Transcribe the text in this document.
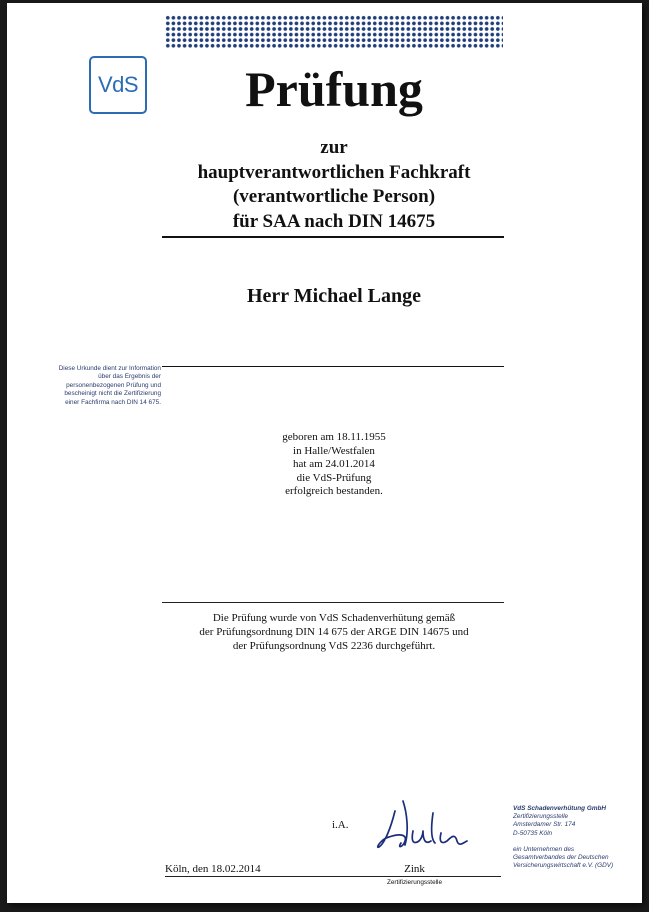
VdS	Prüfung
zur
hauptverantwortlichen Fachkraft
(verantwortliche Person)
für SAA nach DIN 14675
Herr Michael Lange
Diese Urkunde dient zur Information
über das Ergebnis der
personenbezogenen Prüfung und
bescheinigt nicht die Zertifizierung
einer Fachfirma nach DIN 14 675.
geboren am 18.11.1955
in Halle/Westfalen
hat am 24.01.2014
die VdS-Prüfung
erfolgreich bestanden.
Die Prüfung wurde von VdS Schadenverhütung gemäß
der Prüfungsordnung DIN 14 675 der ARGE DIN 14675 und
der Prüfungsordnung VdS 2236 durchgeführt.
i.A.
Köln, den 18.02.2014	Zink
Zertifizierungsstelle
VdS Schadenverhütung GmbH
Zertifizierungsstelle
Amsterdamer Str. 174
D-50735 Köln
ein Unternehmen des
Gesamtverbandes der Deutschen
Versicherungswirtschaft e.V. (GDV)
